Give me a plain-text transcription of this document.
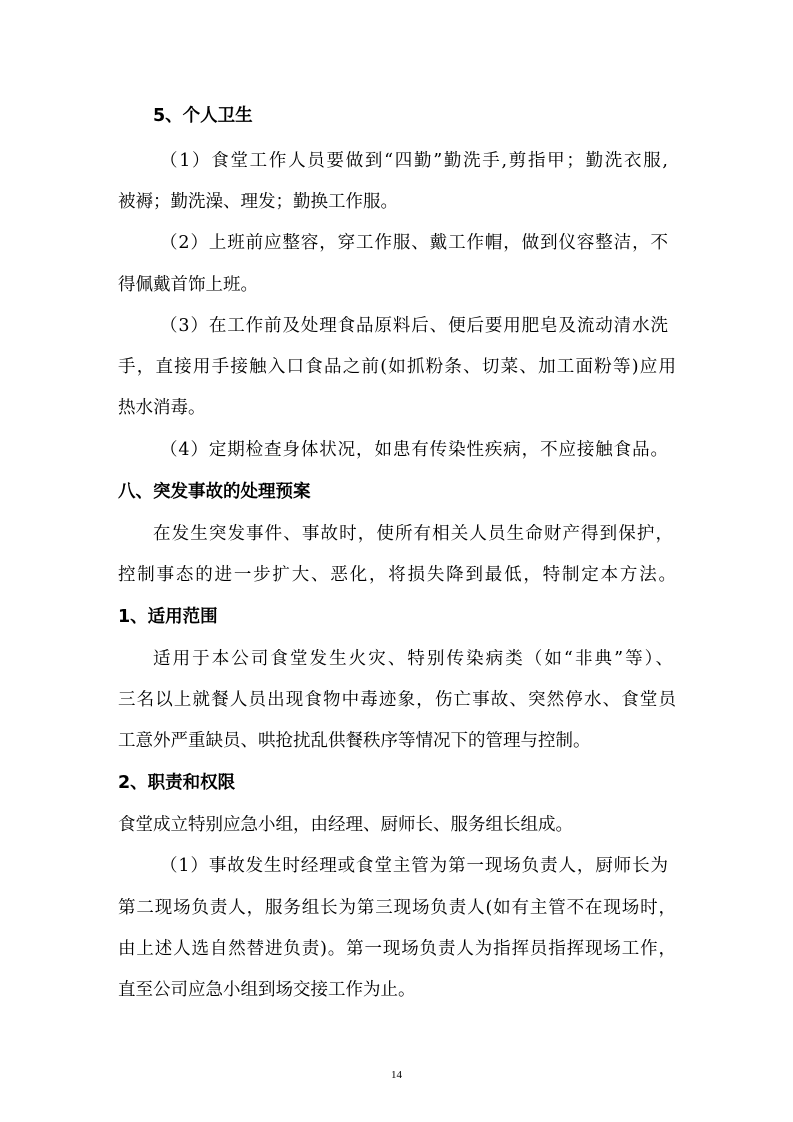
5、个人卫生
（1）食堂工作人员要做到“四勤”勤洗手,剪指甲；勤洗衣服,
被褥；勤洗澡、理发；勤换工作服。
（2）上班前应整容，穿工作服、戴工作帽，做到仪容整洁，不
得佩戴首饰上班。
（3）在工作前及处理食品原料后、便后要用肥皂及流动清水洗
手，直接用手接触入口食品之前(如抓粉条、切菜、加工面粉等)应用
热水消毒。
（4）定期检查身体状况，如患有传染性疾病，不应接触食品。
八、突发事故的处理预案
在发生突发事件、事故时，使所有相关人员生命财产得到保护，
控制事态的进一步扩大、恶化，将损失降到最低，特制定本方法。
1、适用范围
适用于本公司食堂发生火灾、特别传染病类（如“非典”等）、
三名以上就餐人员出现食物中毒迹象，伤亡事故、突然停水、食堂员
工意外严重缺员、哄抢扰乱供餐秩序等情况下的管理与控制。
2、职责和权限
食堂成立特别应急小组，由经理、厨师长、服务组长组成。
（1）事故发生时经理或食堂主管为第一现场负责人，厨师长为
第二现场负责人，服务组长为第三现场负责人(如有主管不在现场时，
由上述人选自然替进负责)。第一现场负责人为指挥员指挥现场工作，
直至公司应急小组到场交接工作为止。
14
